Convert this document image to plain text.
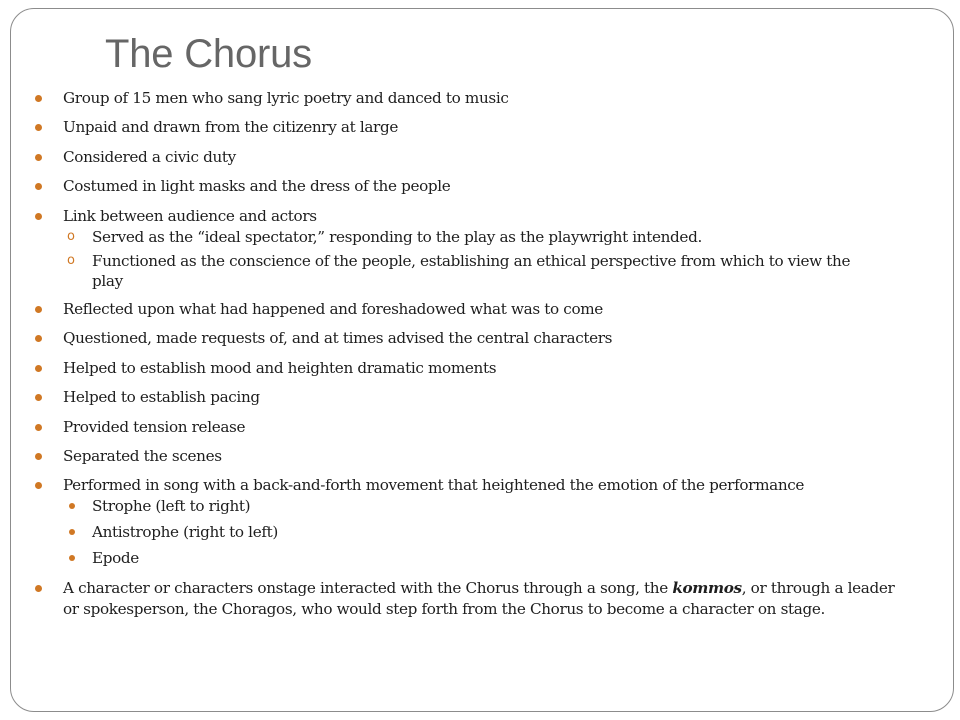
The Chorus
Group of 15 men who sang lyric poetry and danced to music
Unpaid and drawn from the citizenry at large
Considered a civic duty
Costumed in light masks and the dress of the people
Link between audience and actors
o Served as the “ideal spectator,” responding to the play as the playwright intended.
o Functioned as the conscience of the people, establishing an ethical perspective from which to view the play
Reflected upon what had happened and foreshadowed what was to come
Questioned, made requests of, and at times advised the central characters
Helped to establish mood and heighten dramatic moments
Helped to establish pacing
Provided tension release
Separated the scenes
Performed in song with a back-and-forth movement that heightened the emotion of the performance
Strophe (left to right)
Antistrophe (right to left)
Epode
A character or characters onstage interacted with the Chorus through a song, the kommos, or through a leader or spokesperson, the Choragos, who would step forth from the Chorus to become a character on stage.
